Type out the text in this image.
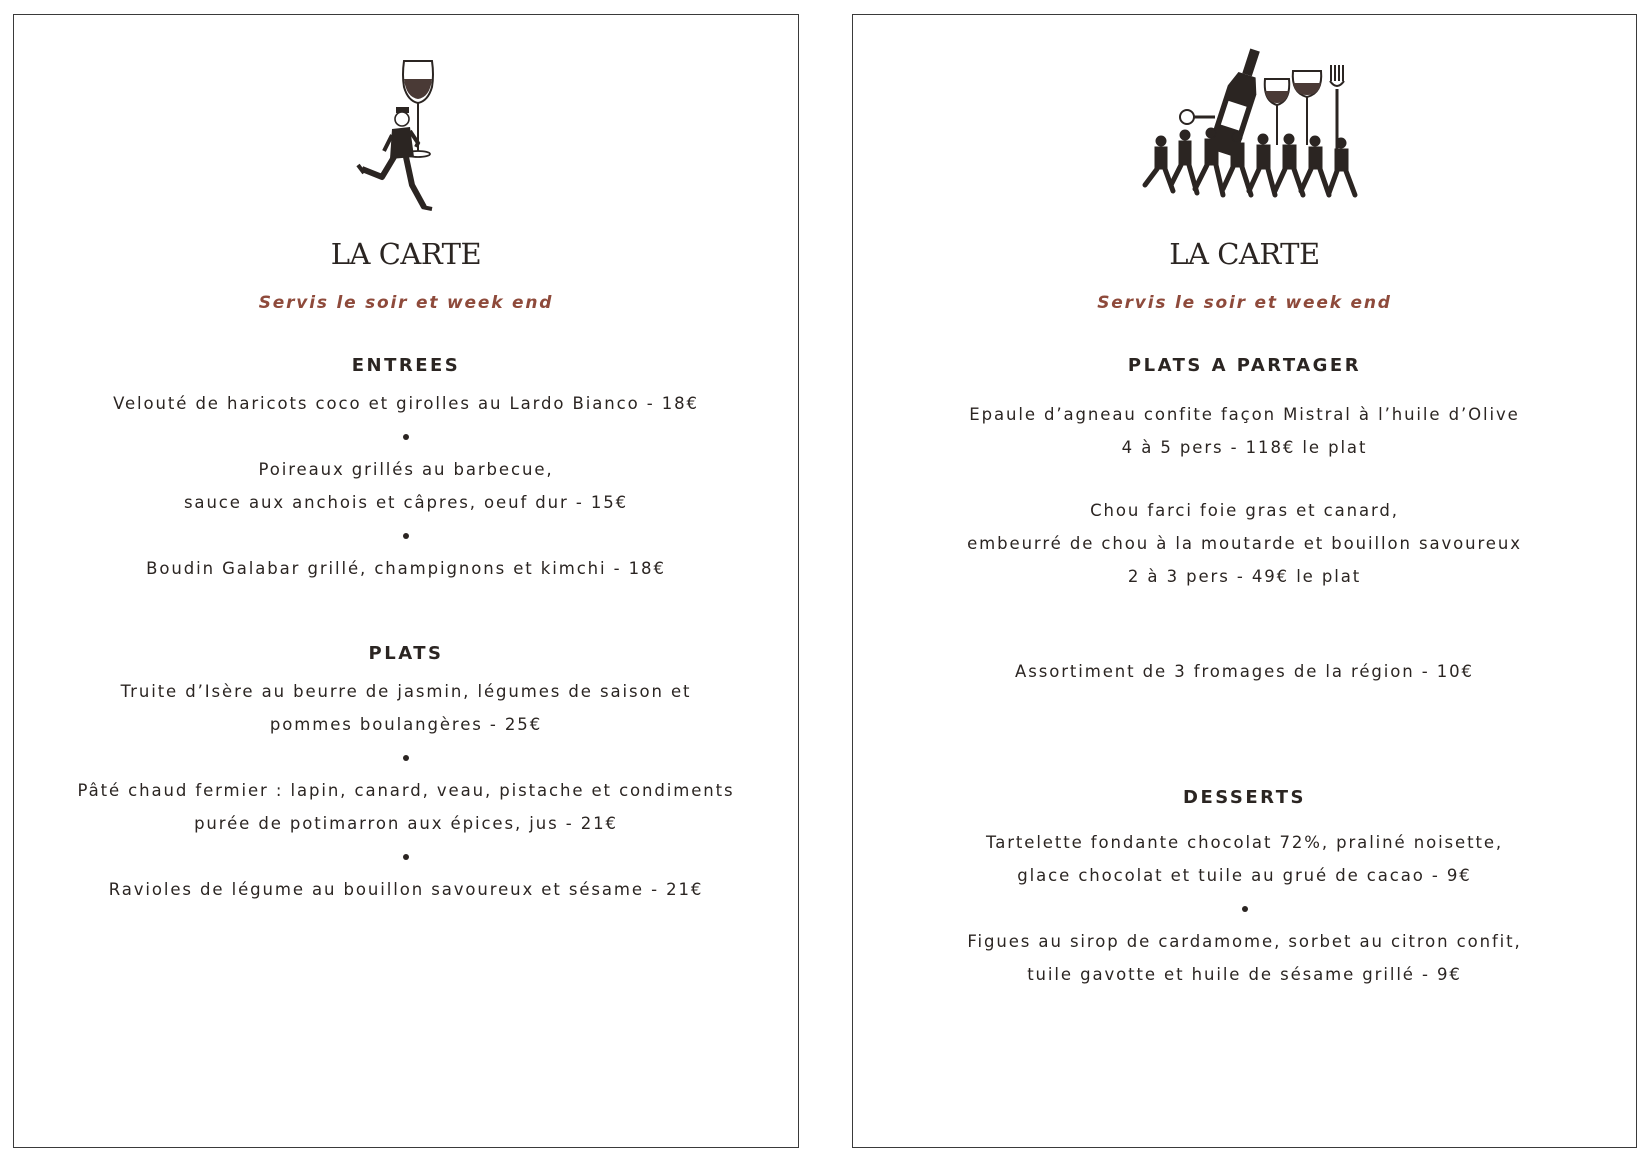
LA CARTE
Servis le soir et week end
ENTREES
Velouté de haricots coco et girolles au Lardo Bianco - 18€
Poireaux grillés au barbecue,
sauce aux anchois et câpres, oeuf dur - 15€
Boudin Galabar grillé, champignons et kimchi - 18€
PLATS
Truite d’Isère au beurre de jasmin, légumes de saison et
pommes boulangères - 25€
Pâté chaud fermier : lapin, canard, veau, pistache et condiments
purée de potimarron aux épices, jus - 21€
Ravioles de légume au bouillon savoureux et sésame - 21€
LA CARTE
Servis le soir et week end
PLATS A PARTAGER
Epaule d’agneau confite façon Mistral à l’huile d’Olive
4 à 5 pers - 118€ le plat
Chou farci foie gras et canard,
embeurré de chou à la moutarde et bouillon savoureux
2 à 3 pers - 49€ le plat
Assortiment de 3 fromages de la région - 10€
DESSERTS
Tartelette fondante chocolat 72%, praliné noisette,
glace chocolat et tuile au grué de cacao - 9€
Figues au sirop de cardamome, sorbet au citron confit,
tuile gavotte et huile de sésame grillé - 9€
